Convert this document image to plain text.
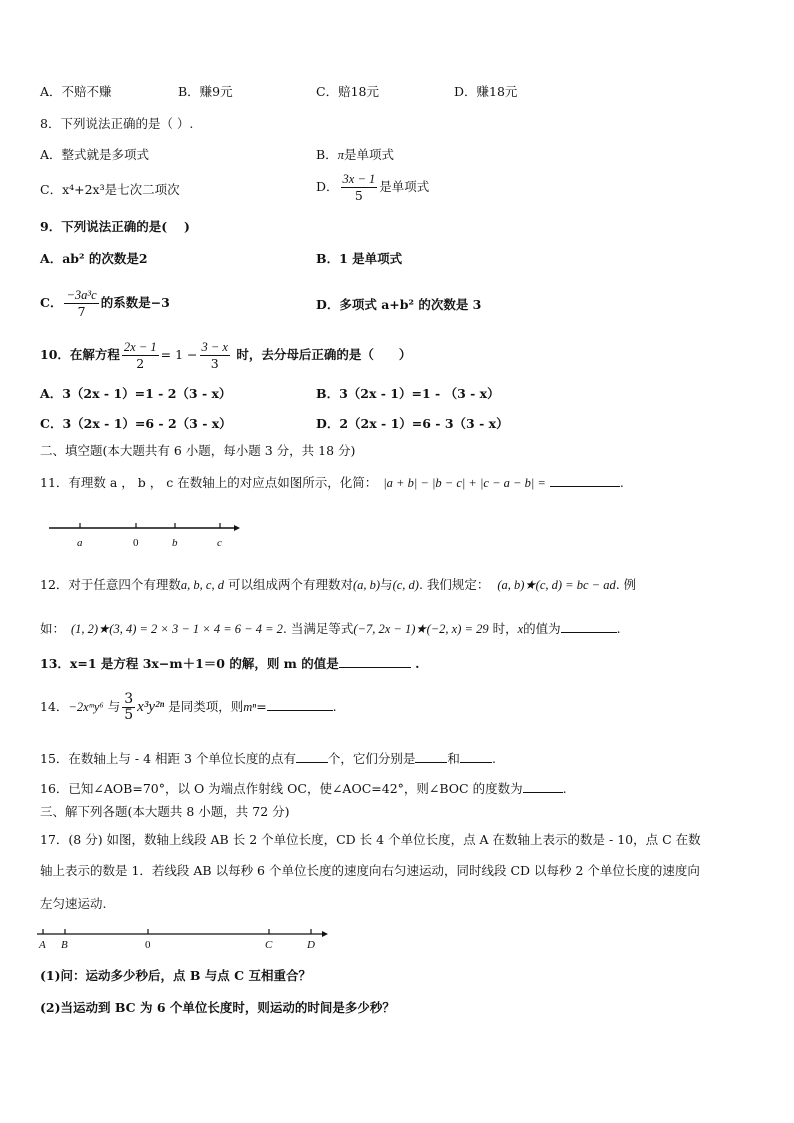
A．不赔不赚	B．赚9元	C．赔18元	D．赚18元
8．下列说法正确的是（ ）.
A．整式就是多项式	B．π是单项式
C．x⁴+2x³是七次二项次	D． $\frac{3x - 1}{5}$ 是单项式
9．下列说法正确的是(　 )
A．ab² 的次数是2	B．1 是单项式
C． $\frac{\text{−3a³c}}{7}$ 的系数是−3	D．多项式 a+b² 的次数是 3
10．在解方程 $\frac{2x - 1}{2} = 1 - \frac{3 - x}{3}$ 时，去分母后正确的是（　　）
A．3（2x - 1）=1 - 2（3 - x）	B．3（2x - 1）=1 - （3 - x）
C．3（2x - 1）=6 - 2（3 - x）	D．2（2x - 1）=6 - 3（3 - x）
二、填空题(本大题共有 6 小题，每小题 3 分，共 18 分)
11．有理数 a ， b ， c 在数轴上的对应点如图所示，化简： |a + b| − |b − c| + |c − a − b| =	.
a	0	b	c
12．对于任意四个有理数a, b, c, d 可以组成两个有理数对(a, b)与(c, d). 我们规定： (a, b)★(c, d) = bc − ad. 例
如： (1, 2)★(3, 4) = 2 × 3 − 1 × 4 = 6 − 4 = 2. 当满足等式(−7, 2x − 1)★(−2, x) = 29 时，x的值为	.
13．x=1 是方程 3x−m＋1＝0 的解，则 m 的值是	.
14．−2xᵐy⁶ 与 $\frac{3}{5} x^3y^{2n}$ 是同类项，则mⁿ=	.
15．在数轴上与 - 4 相距 3 个单位长度的点有	个，它们分别是	和	.
16．已知∠AOB=70°，以 O 为端点作射线 OC，使∠AOC=42°，则∠BOC 的度数为	.
三、解下列各题(本大题共 8 小题，共 72 分)
17．(8 分) 如图，数轴上线段 AB 长 2 个单位长度，CD 长 4 个单位长度，点 A 在数轴上表示的数是 - 10，点 C 在数
轴上表示的数是 1．若线段 AB 以每秒 6 个单位长度的速度向右匀速运动，同时线段 CD 以每秒 2 个单位长度的速度向
左匀速运动.
A B	0	C	D
(1)问：运动多少秒后，点 B 与点 C 互相重合？
(2)当运动到 BC 为 6 个单位长度时，则运动的时间是多少秒？
